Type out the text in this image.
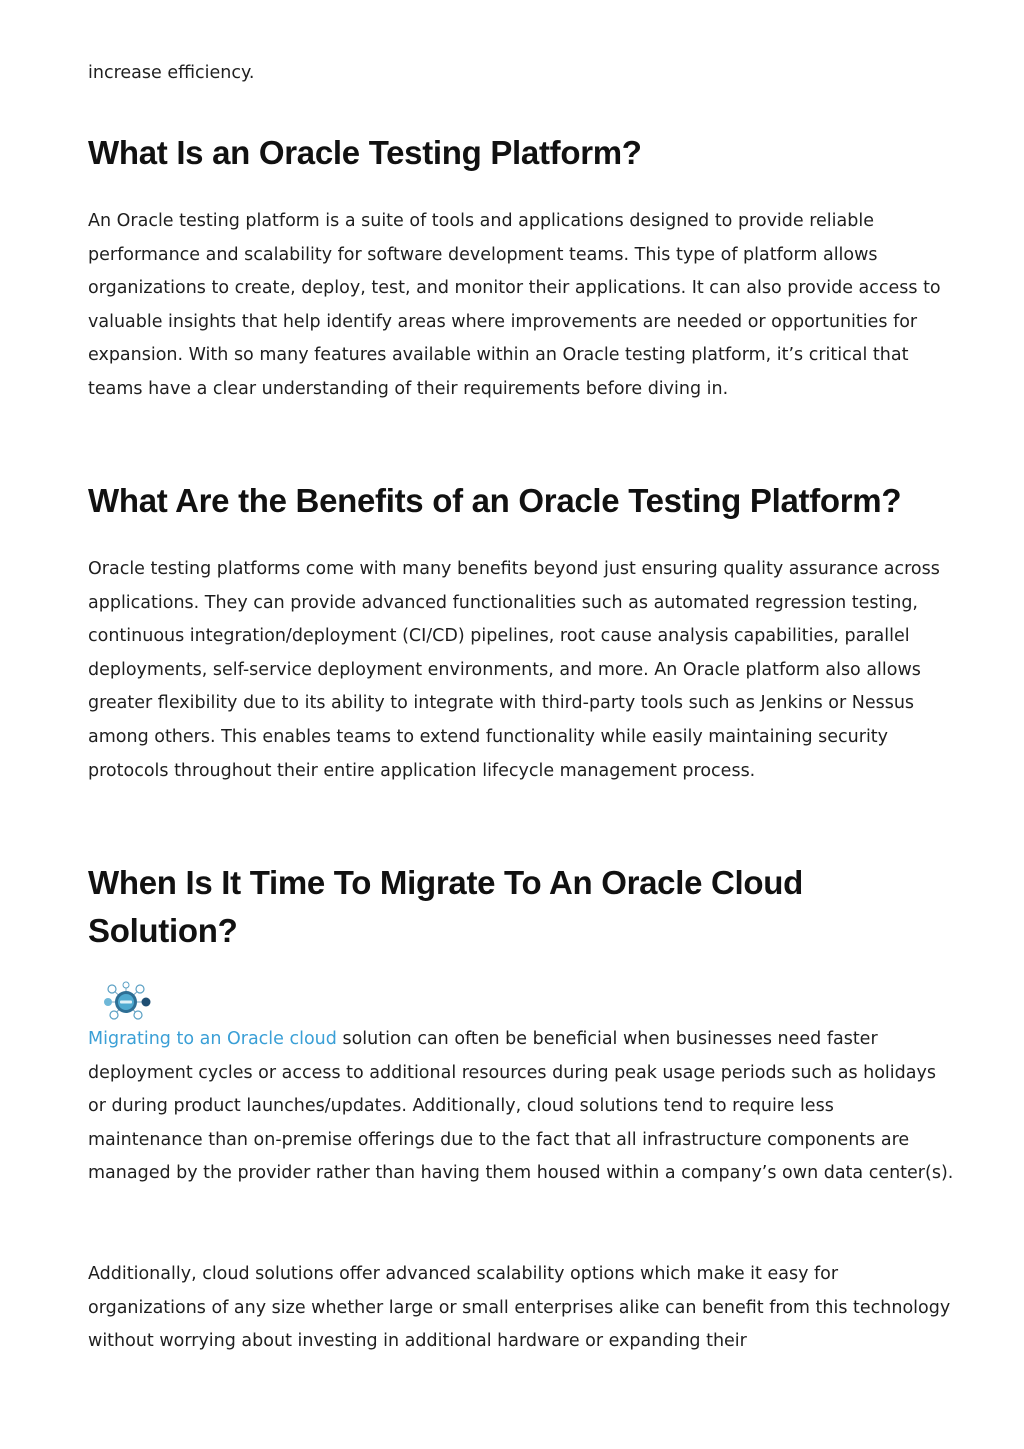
increase efficiency.

What Is an Oracle Testing Platform?

An Oracle testing platform is a suite of tools and applications designed to provide reliable performance and scalability for software development teams. This type of platform allows organizations to create, deploy, test, and monitor their applications. It can also provide access to valuable insights that help identify areas where improvements are needed or opportunities for expansion. With so many features available within an Oracle testing platform, it’s critical that teams have a clear understanding of their requirements before diving in.

What Are the Benefits of an Oracle Testing Platform?

Oracle testing platforms come with many benefits beyond just ensuring quality assurance across applications. They can provide advanced functionalities such as automated regression testing, continuous integration/deployment (CI/CD) pipelines, root cause analysis capabilities, parallel deployments, self-service deployment environments, and more. An Oracle platform also allows greater flexibility due to its ability to integrate with third-party tools such as Jenkins or Nessus among others. This enables teams to extend functionality while easily maintaining security protocols throughout their entire application lifecycle management process.

When Is It Time To Migrate To An Oracle Cloud Solution?

Migrating to an Oracle cloud solution can often be beneficial when businesses need faster deployment cycles or access to additional resources during peak usage periods such as holidays or during product launches/updates. Additionally, cloud solutions tend to require less maintenance than on-premise offerings due to the fact that all infrastructure components are managed by the provider rather than having them housed within a company’s own data center(s).

Additionally, cloud solutions offer advanced scalability options which make it easy for organizations of any size whether large or small enterprises alike can benefit from this technology without worrying about investing in additional hardware or expanding their
